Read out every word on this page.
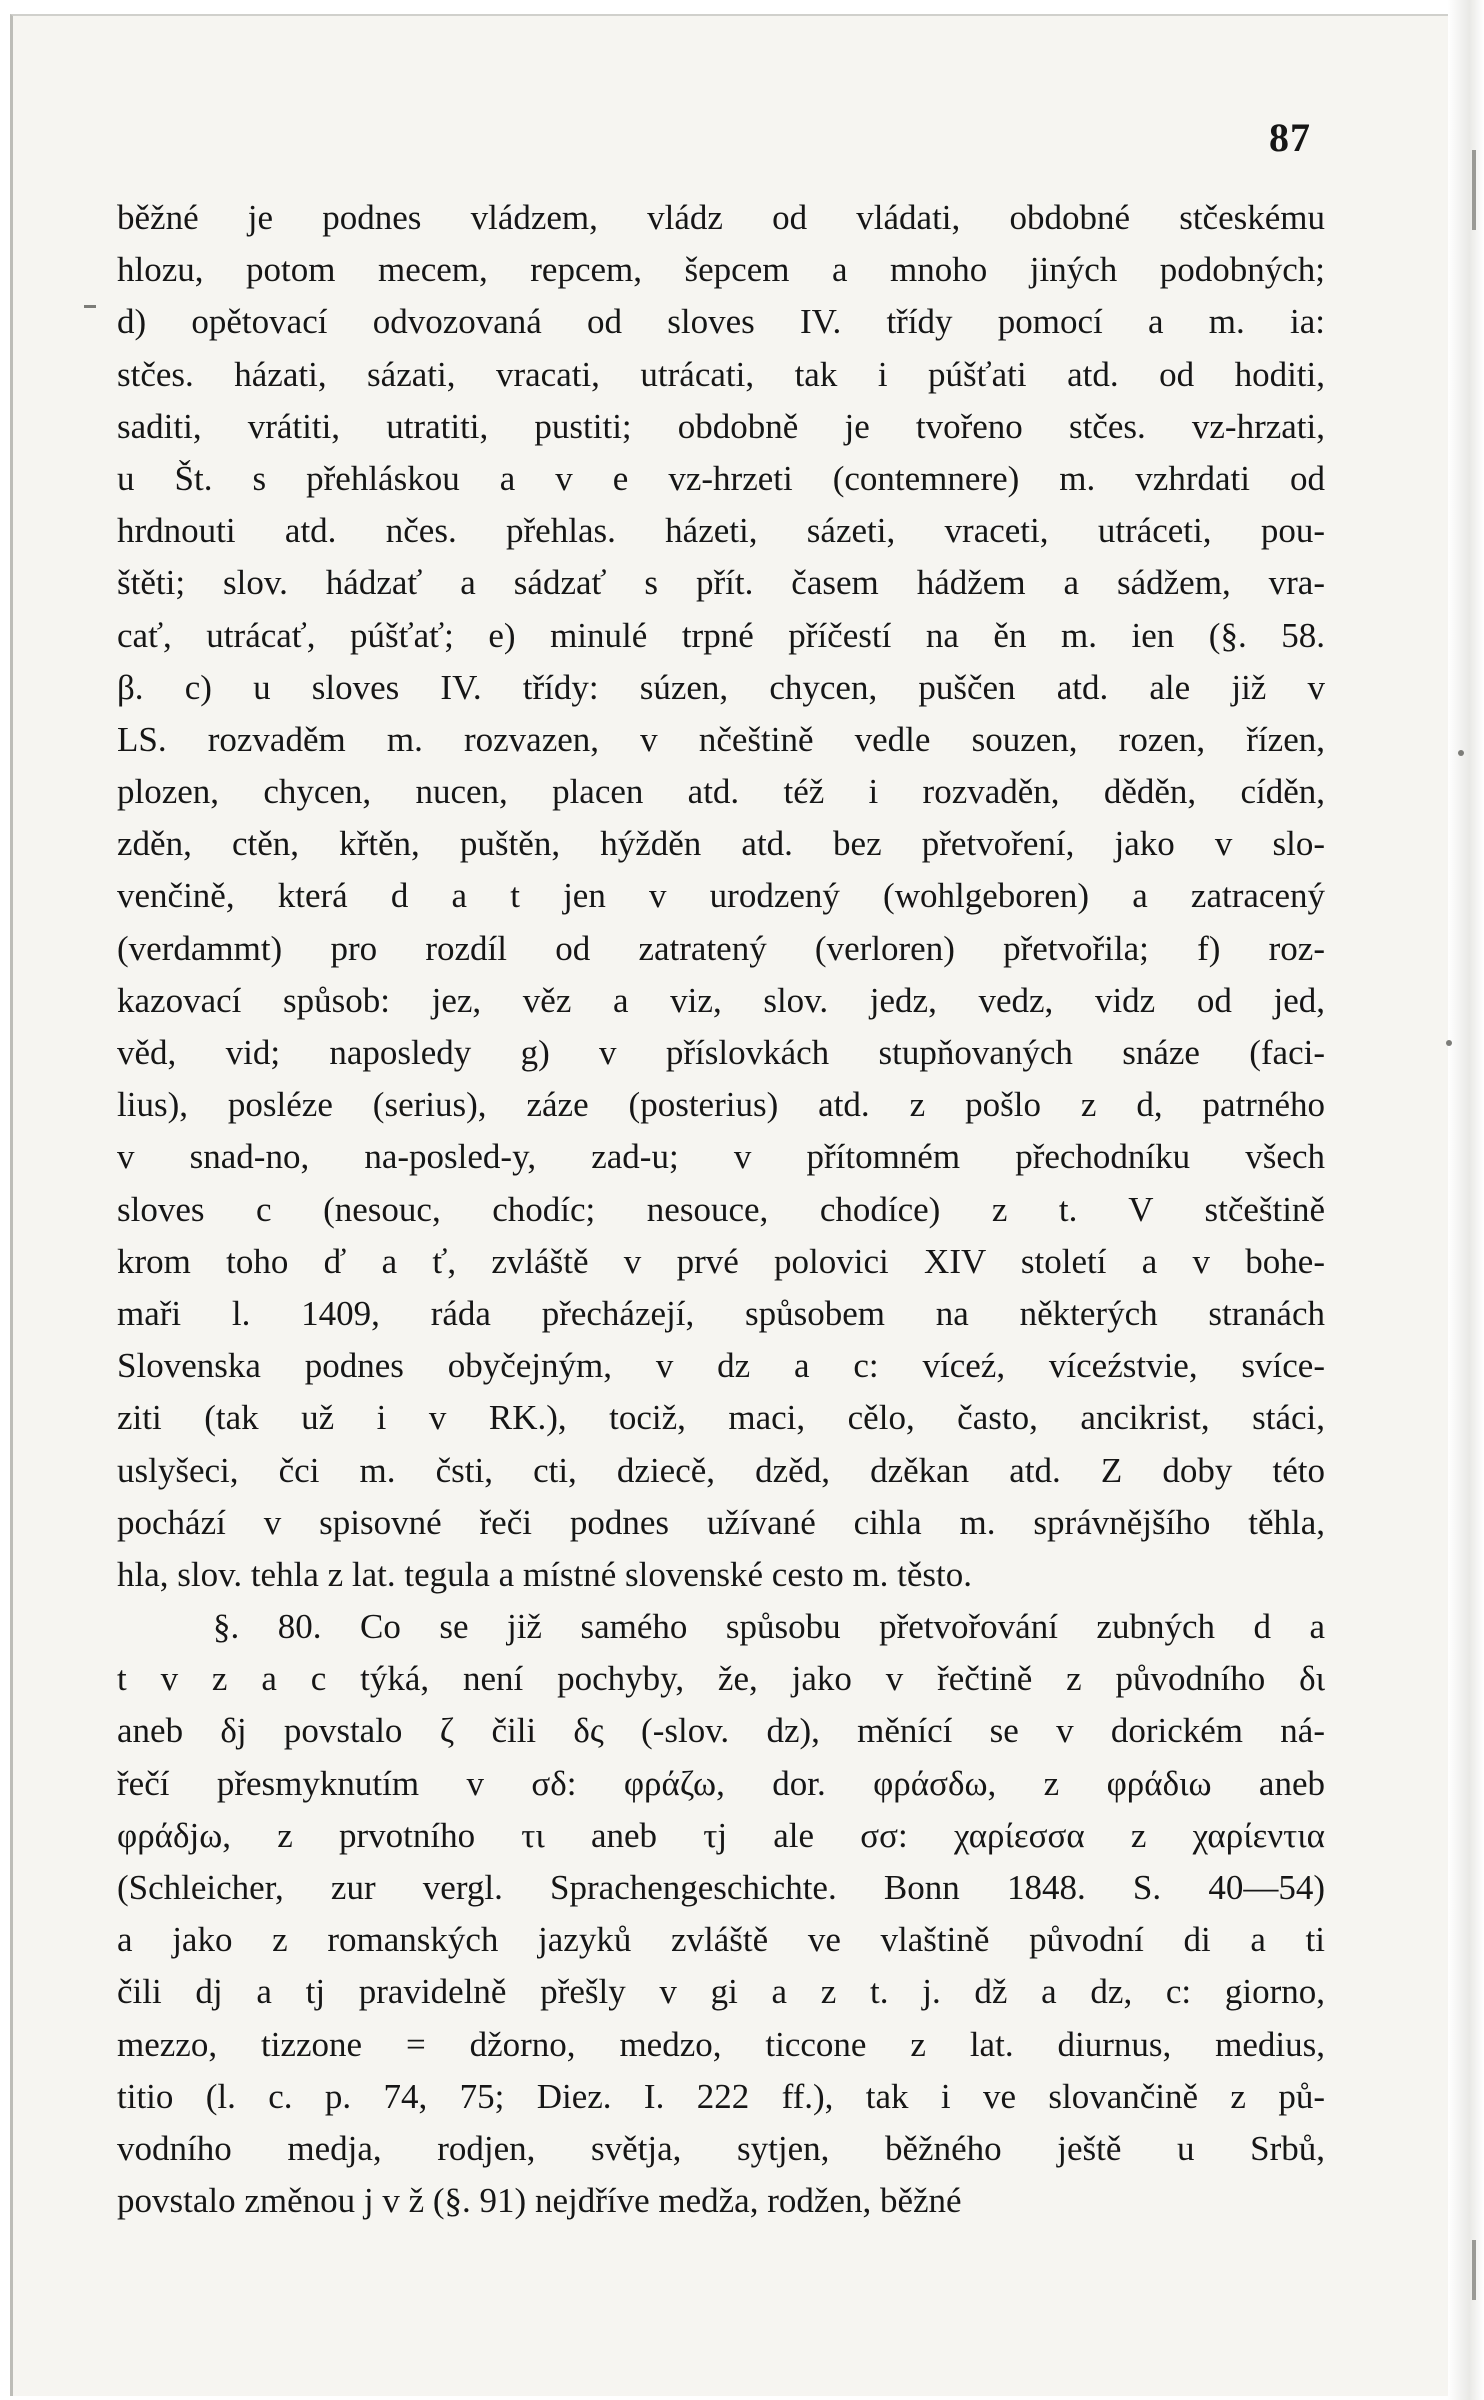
87
běžné je podnes vládzem, vládz od vládati, obdobné stčeskému
hlozu, potom mecem, repcem, šepcem a mnoho jiných podobných;
d) opětovací odvozovaná od sloves IV. třídy pomocí a m. ia:
stčes. házati, sázati, vracati, utrácati, tak i púšťati atd. od hoditi,
saditi, vrátiti, utratiti, pustiti; obdobně je tvořeno stčes. vz-hrzati,
u Št. s přehláskou a v e vz-hrzeti (contemnere) m. vzhrdati od
hrdnouti atd. nčes. přehlas. házeti, sázeti, vraceti, utráceti, pou-
štěti; slov. hádzať a sádzať s přít. časem hádžem a sádžem, vra-
cať, utrácať, púšťať; e) minulé trpné příčestí na ěn m. ien (§. 58.
β. c) u sloves IV. třídy: súzen, chycen, puščen atd. ale již v
LS. rozvaděm m. rozvazen, v nčeštině vedle souzen, rozen, řízen,
plozen, chycen, nucen, placen atd. též i rozvaděn, děděn, cíděn,
zděn, ctěn, křtěn, puštěn, hýžděn atd. bez přetvoření, jako v slo-
venčině, která d a t jen v urodzený (wohlgeboren) a zatracený
(verdammt) pro rozdíl od zatratený (verloren) přetvořila; f) roz-
kazovací spůsob: jez, věz a viz, slov. jedz, vedz, vidz od jed,
věd, vid; naposledy g) v příslovkách stupňovaných snáze (faci-
lius), posléze (serius), záze (posterius) atd. z pošlo z d, patrného
v snad-no, na-posled-y, zad-u; v přítomném přechodníku všech
sloves c (nesouc, chodíc; nesouce, chodíce) z t. V stčeštině
krom toho ď a ť, zvláště v prvé polovici XIV století a v bohe-
maři l. 1409, ráda přecházejí, spůsobem na některých stranách
Slovenska podnes obyčejným, v dz a c: víceź, víceźstvie, svíce-
ziti (tak už i v RK.), tociž, maci, cělo, často, ancikrist, stáci,
uslyšeci, čci m. čsti, cti, dziecě, dzěd, dzěkan atd. Z doby této
pochází v spisovné řeči podnes užívané cihla m. správnějšího těhla,
hla, slov. tehla z lat. tegula a místné slovenské cesto m. těsto.
§. 80. Co se již samého spůsobu přetvořování zubných d a
t v z a c týká, není pochyby, že, jako v řečtině z původního δι
aneb δj povstalo ζ čili δς (-slov. dz), měnící se v dorickém ná-
řečí přesmyknutím v σδ: φράζω, dor. φράσδω, z φράδιω aneb
φράδjω, z prvotního τι aneb τj ale σσ: χαρίεσσα z χαρίεντια
(Schleicher, zur vergl. Sprachengeschichte. Bonn 1848. S. 40—54)
a jako z romanských jazyků zvláště ve vlaštině původní di a ti
čili dj a tj pravidelně přešly v gi a z t. j. dž a dz, c: giorno,
mezzo, tizzone = džorno, medzo, ticcone z lat. diurnus, medius,
titio (l. c. p. 74, 75; Diez. I. 222 ff.), tak i ve slovančině z pů-
vodního medja, rodjen, světja, sytjen, běžného ještě u Srbů,
povstalo změnou j v ž (§. 91) nejdříve medža, rodžen, běžné
